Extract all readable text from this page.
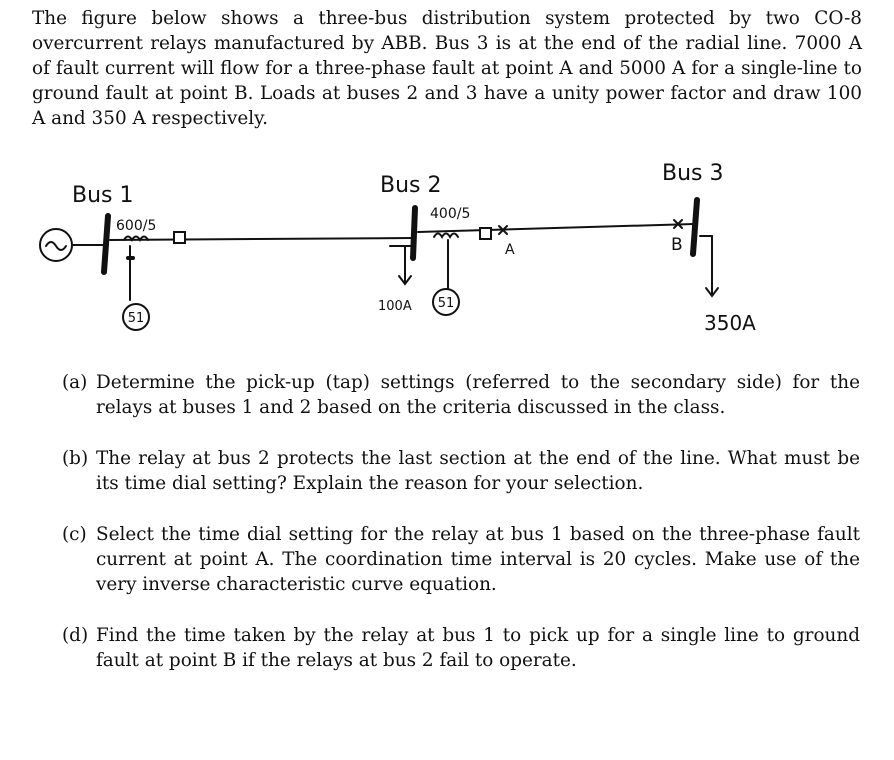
The figure below shows a three-bus distribution system protected by two CO-8 overcurrent relays manufactured by ABB. Bus 3 is at the end of the radial line. 7000 A of fault current will flow for a three-phase fault at point A and 5000 A for a single-line to ground fault at point B. Loads at buses 2 and 3 have a unity power factor and draw 100 A and 350 A respectively.

Bus 1	Bus 2	Bus 3
600/5
400/5
51
51
100A
350A
A	B
~
(a) Determine the pick-up (tap) settings (referred to the secondary side) for the relays at buses 1 and 2 based on the criteria discussed in the class.
(b) The relay at bus 2 protects the last section at the end of the line. What must be its time dial setting? Explain the reason for your selection.
(c) Select the time dial setting for the relay at bus 1 based on the three-phase fault current at point A. The coordination time interval is 20 cycles. Make use of the very inverse characteristic curve equation.
(d) Find the time taken by the relay at bus 1 to pick up for a single line to ground fault at point B if the relays at bus 2 fail to operate.
